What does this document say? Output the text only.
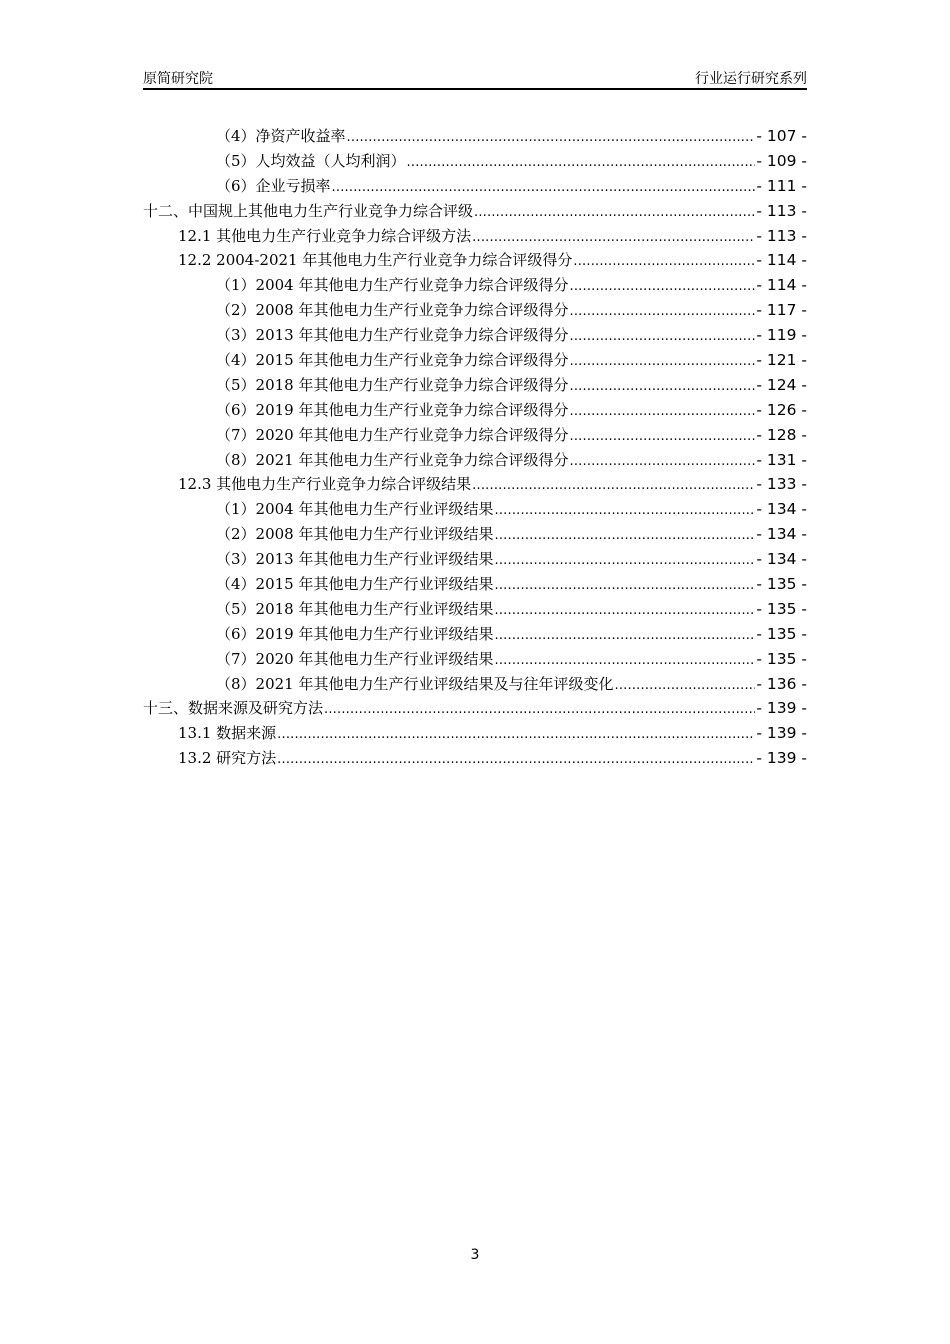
原简研究院	行业运行研究系列
（4）净资产收益率 .....	- 107 -
（5）人均效益（人均利润） .....	- 109 -
（6）企业亏损率 .....	- 111 -
十二、中国规上其他电力生产行业竞争力综合评级 .....	- 113 -
12.1 其他电力生产行业竞争力综合评级方法 .....	- 113 -
12.2 2004-2021 年其他电力生产行业竞争力综合评级得分 .....	- 114 -
（1）2004 年其他电力生产行业竞争力综合评级得分 .....	- 114 -
（2）2008 年其他电力生产行业竞争力综合评级得分 .....	- 117 -
（3）2013 年其他电力生产行业竞争力综合评级得分 .....	- 119 -
（4）2015 年其他电力生产行业竞争力综合评级得分 .....	- 121 -
（5）2018 年其他电力生产行业竞争力综合评级得分 .....	- 124 -
（6）2019 年其他电力生产行业竞争力综合评级得分 .....	- 126 -
（7）2020 年其他电力生产行业竞争力综合评级得分 .....	- 128 -
（8）2021 年其他电力生产行业竞争力综合评级得分 .....	- 131 -
12.3 其他电力生产行业竞争力综合评级结果 .....	- 133 -
（1）2004 年其他电力生产行业评级结果 .....	- 134 -
（2）2008 年其他电力生产行业评级结果 .....	- 134 -
（3）2013 年其他电力生产行业评级结果 .....	- 134 -
（4）2015 年其他电力生产行业评级结果 .....	- 135 -
（5）2018 年其他电力生产行业评级结果 .....	- 135 -
（6）2019 年其他电力生产行业评级结果 .....	- 135 -
（7）2020 年其他电力生产行业评级结果 .....	- 135 -
（8）2021 年其他电力生产行业评级结果及与往年评级变化 .....	- 136 -
十三、数据来源及研究方法 .....	- 139 -
13.1 数据来源 .....	- 139 -
13.2 研究方法 .....	- 139 -
3
